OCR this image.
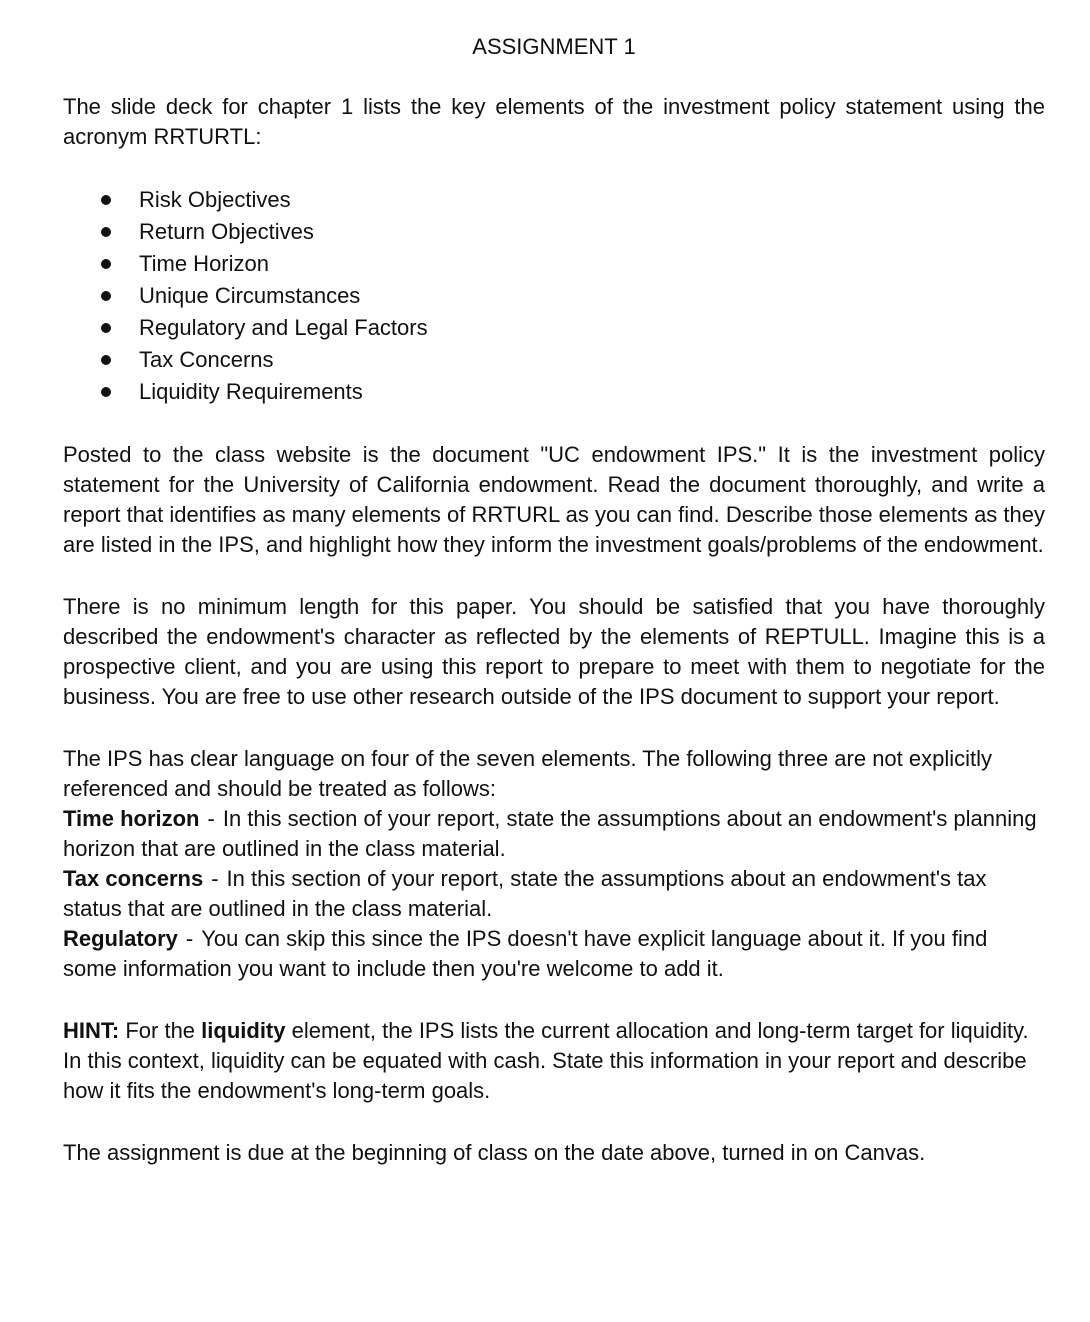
ASSIGNMENT 1

The slide deck for chapter 1 lists the key elements of the investment policy statement using the acronym RRTURTL:

Risk Objectives
Return Objectives
Time Horizon
Unique Circumstances
Regulatory and Legal Factors
Tax Concerns
Liquidity Requirements

Posted to the class website is the document "UC endowment IPS." It is the investment policy statement for the University of California endowment. Read the document thoroughly, and write a report that identifies as many elements of RRTURL as you can find. Describe those elements as they are listed in the IPS, and highlight how they inform the investment goals/problems of the endowment.

There is no minimum length for this paper. You should be satisfied that you have thoroughly described the endowment's character as reflected by the elements of REPTULL. Imagine this is a prospective client, and you are using this report to prepare to meet with them to negotiate for the business. You are free to use other research outside of the IPS document to support your report.

The IPS has clear language on four of the seven elements. The following three are not explicitly referenced and should be treated as follows:

Time horizon - In this section of your report, state the assumptions about an endowment's planning horizon that are outlined in the class material.

Tax concerns - In this section of your report, state the assumptions about an endowment's tax status that are outlined in the class material.

Regulatory - You can skip this since the IPS doesn't have explicit language about it. If you find some information you want to include then you're welcome to add it.

HINT: For the liquidity element, the IPS lists the current allocation and long-term target for liquidity. In this context, liquidity can be equated with cash. State this information in your report and describe how it fits the endowment's long-term goals.

The assignment is due at the beginning of class on the date above, turned in on Canvas.
